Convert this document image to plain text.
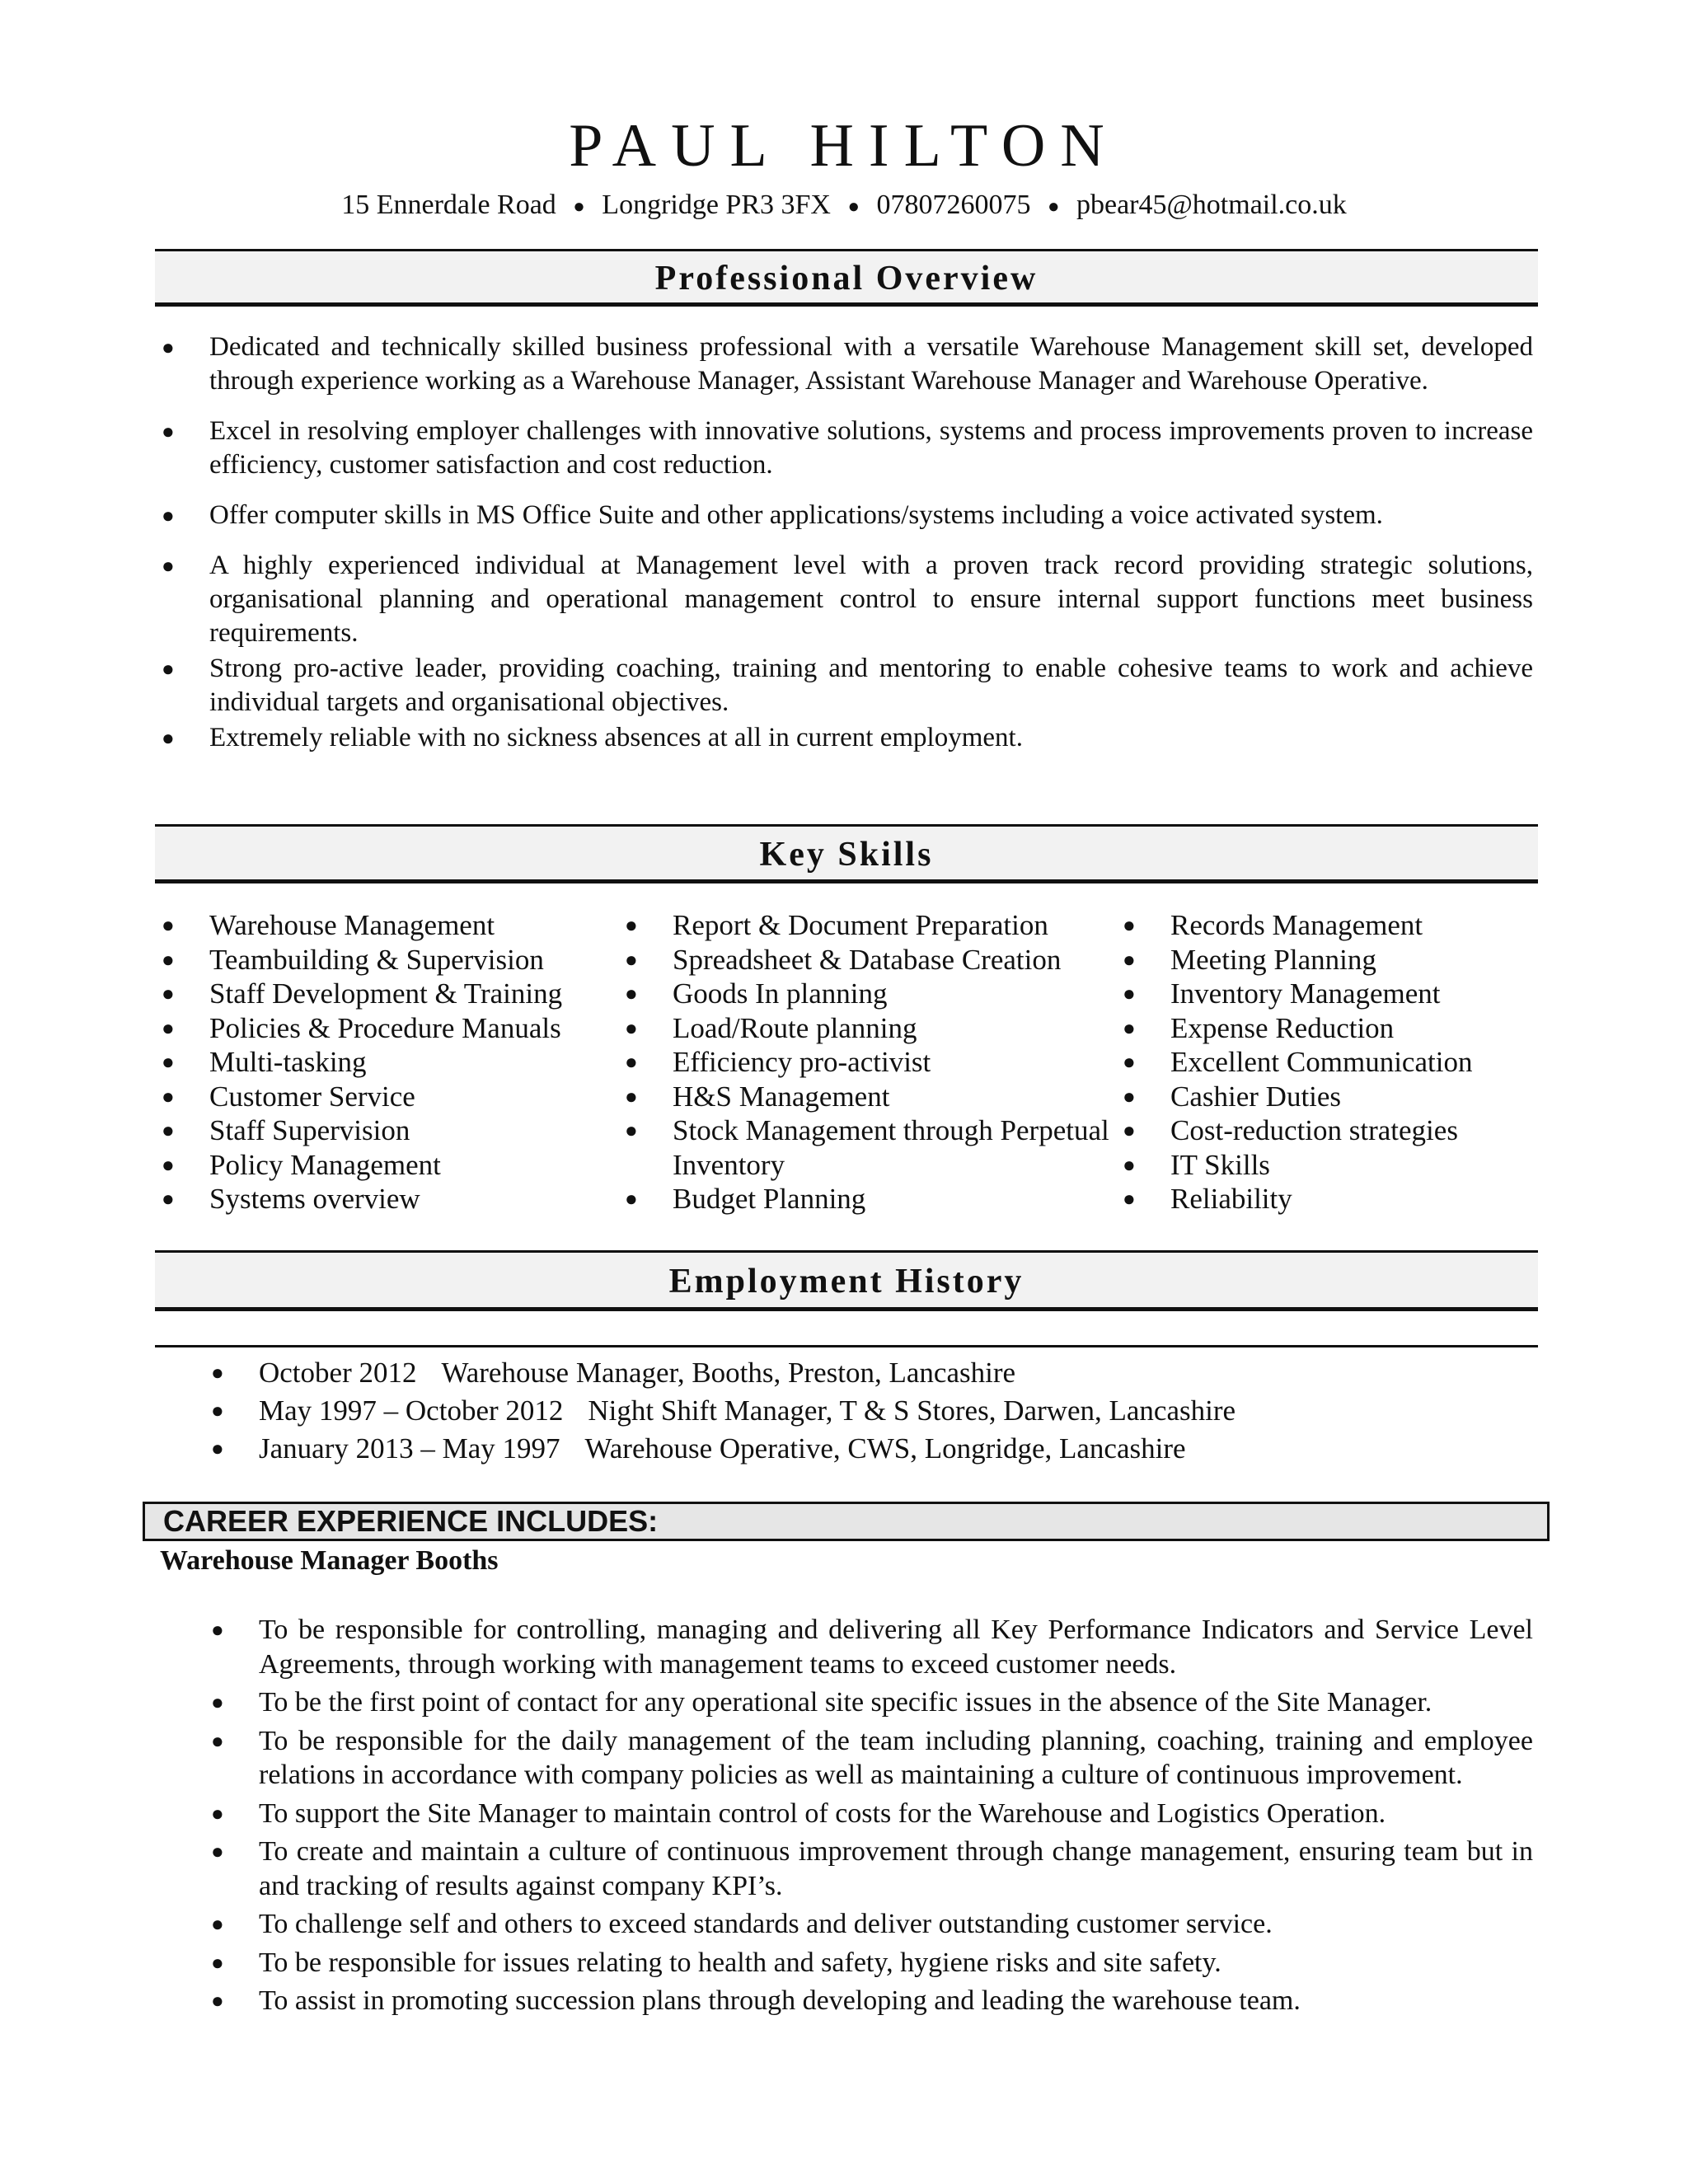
PAUL HILTON
15 Ennerdale Road ● Longridge PR3 3FX ● 07807260075 ● pbear45@hotmail.co.uk
Professional Overview
● Dedicated and technically skilled business professional with a versatile Warehouse Management skill set, developed through experience working as a Warehouse Manager, Assistant Warehouse Manager and Warehouse Operative.
● Excel in resolving employer challenges with innovative solutions, systems and process improvements proven to increase efficiency, customer satisfaction and cost reduction.
● Offer computer skills in MS Office Suite and other applications/systems including a voice activated system.
● A highly experienced individual at Management level with a proven track record providing strategic solutions, organisational planning and operational management control to ensure internal support functions meet business requirements.
● Strong pro-active leader, providing coaching, training and mentoring to enable cohesive teams to work and achieve individual targets and organisational objectives.
● Extremely reliable with no sickness absences at all in current employment.
Key Skills
● Warehouse Management
● Teambuilding & Supervision
● Staff Development & Training
● Policies & Procedure Manuals
● Multi-tasking
● Customer Service
● Staff Supervision
● Policy Management
● Systems overview
● Report & Document Preparation
● Spreadsheet & Database Creation
● Goods In planning
● Load/Route planning
● Efficiency pro-activist
● H&S Management
● Stock Management through Perpetual Inventory
● Budget Planning
● Records Management
● Meeting Planning
● Inventory Management
● Expense Reduction
● Excellent Communication
● Cashier Duties
● Cost-reduction strategies
● IT Skills
● Reliability
Employment History
● October 2012 Warehouse Manager, Booths, Preston, Lancashire
● May 1997 – October 2012 Night Shift Manager, T & S Stores, Darwen, Lancashire
● January 2013 – May 1997 Warehouse Operative, CWS, Longridge, Lancashire
CAREER EXPERIENCE INCLUDES:
Warehouse Manager Booths
● To be responsible for controlling, managing and delivering all Key Performance Indicators and Service Level Agreements, through working with management teams to exceed customer needs.
● To be the first point of contact for any operational site specific issues in the absence of the Site Manager.
● To be responsible for the daily management of the team including planning, coaching, training and employee relations in accordance with company policies as well as maintaining a culture of continuous improvement.
● To support the Site Manager to maintain control of costs for the Warehouse and Logistics Operation.
● To create and maintain a culture of continuous improvement through change management, ensuring team but in and tracking of results against company KPI’s.
● To challenge self and others to exceed standards and deliver outstanding customer service.
● To be responsible for issues relating to health and safety, hygiene risks and site safety.
● To assist in promoting succession plans through developing and leading the warehouse team.
